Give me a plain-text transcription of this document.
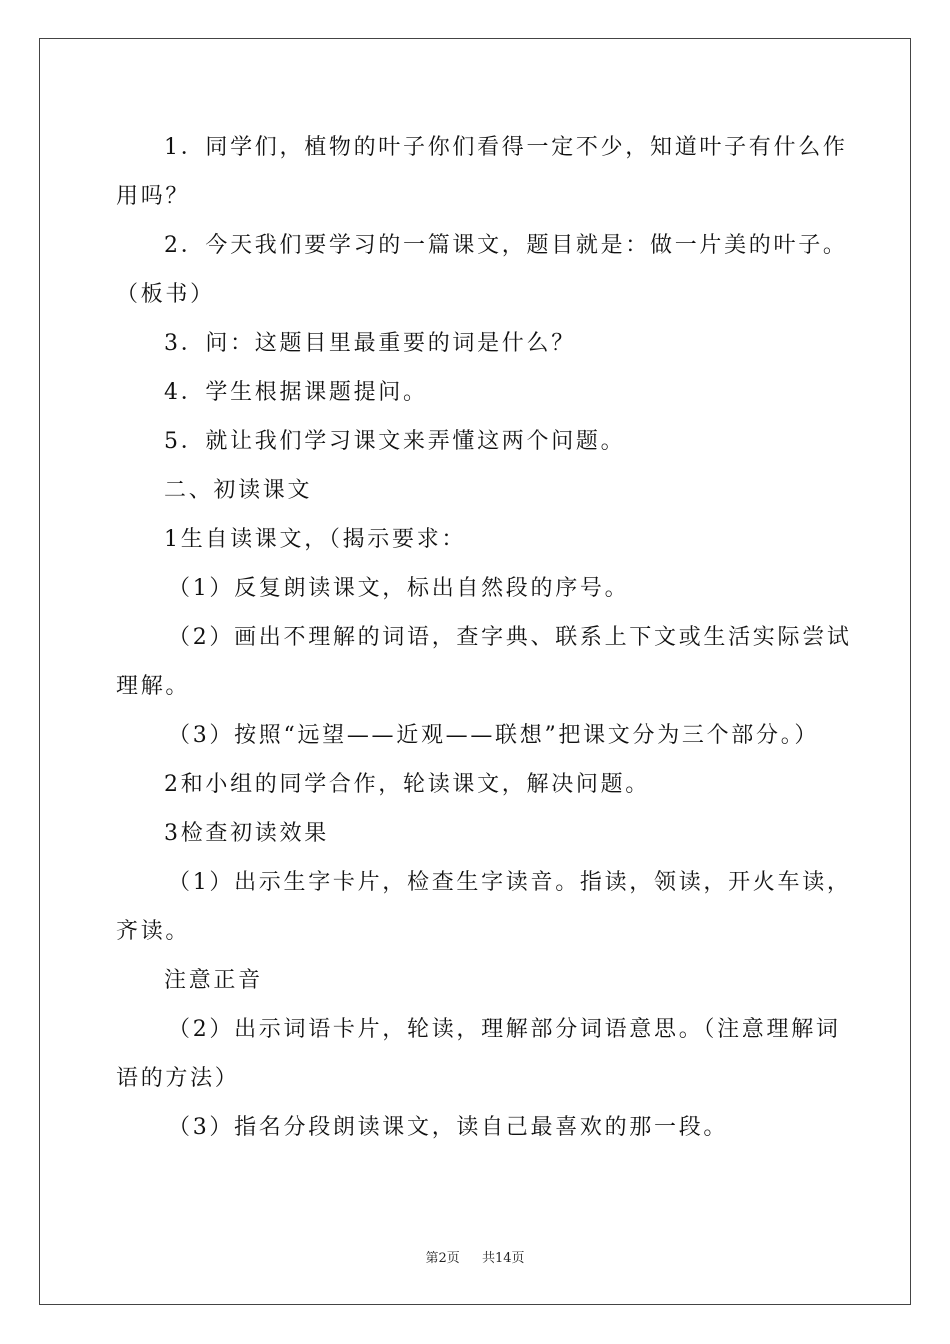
1．同学们，植物的叶子你们看得一定不少，知道叶子有什么作

用吗？

2．今天我们要学习的一篇课文，题目就是：做一片美的叶子。

（板书）

3．问：这题目里最重要的词是什么？

4．学生根据课题提问。

5．就让我们学习课文来弄懂这两个问题。

二、初读课文

1生自读课文，（揭示要求：

（1）反复朗读课文，标出自然段的序号。

（2）画出不理解的词语，查字典、联系上下文或生活实际尝试

理解。

（3）按照“远望——近观——联想”把课文分为三个部分。）

2和小组的同学合作，轮读课文，解决问题。

3检查初读效果

（1）出示生字卡片，检查生字读音。指读，领读，开火车读，

齐读。

注意正音

（2）出示词语卡片，轮读，理解部分词语意思。（注意理解词

语的方法）

（3）指名分段朗读课文，读自己最喜欢的那一段。

第2页 共14页
